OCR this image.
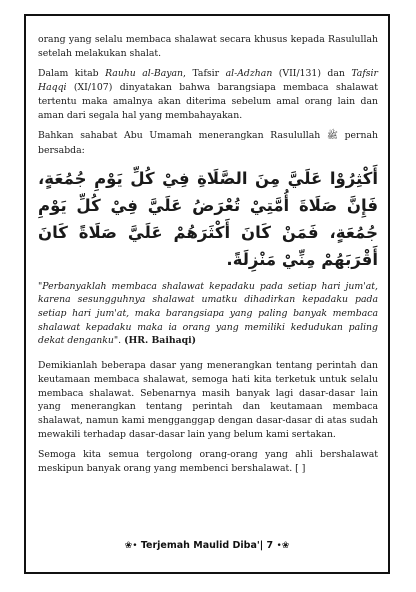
orang yang selalu membaca shalawat secara khusus kepada Rasulullah setelah melakukan shalat.

Dalam kitab Rauhu al-Bayan, Tafsir al-Adzhan (VII/131) dan Tafsir Haqqi (XI/107) dinyatakan bahwa barangsiapa membaca shalawat tertentu maka amalnya akan diterima sebelum amal orang lain dan aman dari segala hal yang membahayakan.

Bahkan sahabat Abu Umamah menerangkan Rasulullah ﷺ pernah bersabda:

أَكْثِرُوْا عَلَيَّ مِنَ الصَّلَاةِ فِيْ كُلِّ يَوْمِ جُمُعَةٍ، فَإِنَّ صَلَاةَ أُمَّتِيْ تُعْرَضُ عَلَيَّ فِيْ كُلِّ يَوْمِ جُمُعَةٍ، فَمَنْ كَانَ أَكْثَرَهُمْ عَلَيَّ صَلَاةً كَانَ أَقْرَبَهُمْ مِنِّيْ مَنْزِلَةً.

"Perbanyaklah membaca shalawat kepadaku pada setiap hari jum'at, karena sesungguhnya shalawat umatku dihadirkan kepadaku pada setiap hari jum'at, maka barangsiapa yang paling banyak membaca shalawat kepadaku maka ia orang yang memiliki kedudukan paling dekat denganku". (HR. Baihaqi)

Demikianlah beberapa dasar yang menerangkan tentang perintah dan keutamaan membaca shalawat, semoga hati kita terketuk untuk selalu membaca shalawat. Sebenarnya masih banyak lagi dasar-dasar lain yang menerangkan tentang perintah dan keutamaan membaca shalawat, namun kami mengganggap dengan dasar-dasar di atas sudah mewakili terhadap dasar-dasar lain yang belum kami sertakan.

Semoga kita semua tergolong orang-orang yang ahli bershalawat meskipun banyak orang yang membenci bershalawat. [ ]

❀• Terjemah Maulid Diba'| 7 •❀
